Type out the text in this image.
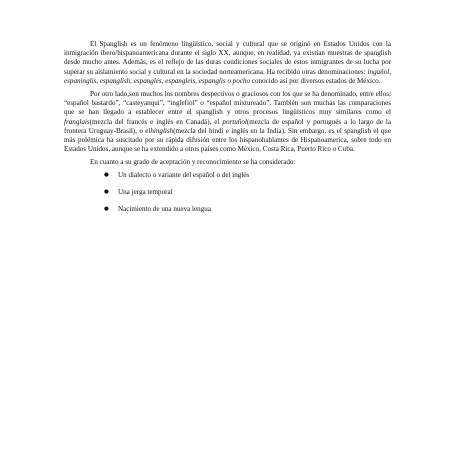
El Spanglish es un fenómeno lingüístico, social y cultural que se originó en Estados Unidos con la inmigración ibero/hispanoamericana durante el siglo XX, aunque, en realidad, ya existían muestras de spanglish desde mucho antes. Además, es el reflejo de las duras condiciones sociales de estos inmigrantes de su lucha por superar su aislamiento social y cultural en la sociedad norteamericana. Ha recibido otras denominaciones: ingañol, espaninglis, espanglish, espanglés, espangleis, espanglis o pocho conocido así por diversos estados de México.

Por otro lado,son muchos los nombres despectivos o graciosos con los que se ha denominado, entre ellos: “español bastardo”, “casteyanqui”, “inglefiol” o “español mixtureado”. También son muchas las comparaciones que se han llegado a establecer entre el spanglish y otros procesos lingüísticos muy similares como el franglais(mezcla del francés e inglés en Canadá), el portuñol(mezcla de español y portugués a lo largo de la frontera Uruguay-Brasil), o elhinglish(mezcla del hindi e inglés en la India). Sin embargo, es el spanglish el que más polémica ha suscitado por su rápida difusión entre los hispanohablantes de Hispanoamerica, sobre todo en Estados Unidos, aunque se ha extendido a otros países como México, Costa Rica, Puerto Rico o Cuba.

En cuanto a su grado de aceptación y reconocimiento se ha considerado:

●	Un dialecto o variante del español o del inglés
●	Una jerga temporal
●	Nacimiento de una nueva lengua
